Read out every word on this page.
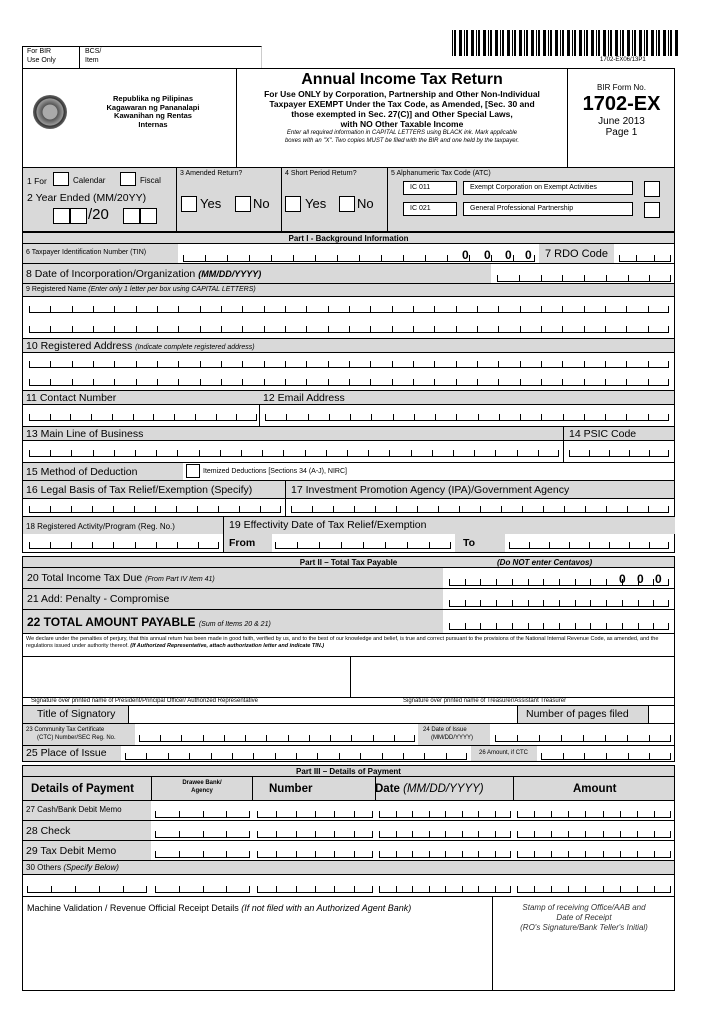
For BIR
Use Only
BCS/
Item	1702-EX06/13P1
Republika ng Pilipinas
Kagawaran ng Pananalapi
Kawanihan ng Rentas
Internas
Annual Income Tax Return
For Use ONLY by Corporation, Partnership and Other Non-Individual
Taxpayer EXEMPT Under the Tax Code, as Amended, [Sec. 30 and
those exempted in Sec. 27(C)] and Other Special Laws,
with NO Other Taxable Income
Enter all required information in CAPITAL LETTERS using BLACK ink. Mark applicable
boxes with an "X". Two copies MUST be filed with the BIR and one held by the taxpayer.
BIR Form No.
1702-EX
June 2013
Page 1
1 For	Calendar	Fiscal
2 Year Ended (MM/20YY)
/20
3 Amended Return?
Yes No
4 Short Period Return?
Yes No
5 Alphanumeric Tax Code (ATC)
IC 011	Exempt Corporation on Exempt Activities
IC 021	General Professional Partnership
Part I - Background Information
6 Taxpayer Identification Number (TIN)	0 0 0 0 7 RDO Code
8 Date of Incorporation/Organization (MM/DD/YYYY)
9 Registered Name (Enter only 1 letter per box using CAPITAL LETTERS)
10 Registered Address (Indicate complete registered address)
11 Contact Number	12 Email Address
13 Main Line of Business	14 PSIC Code
15 Method of Deduction	Itemized Deductions [Sections 34 (A-J), NIRC]
16 Legal Basis of Tax Relief/Exemption (Specify)	17 Investment Promotion Agency (IPA)/Government Agency
18 Registered Activity/Program (Reg. No.)	19 Effectivity Date of Tax Relief/Exemption
From	To
Part II – Total Tax Payable	(Do NOT enter Centavos)
20 Total Income Tax Due (From Part IV Item 41)	0 0 0
21 Add: Penalty - Compromise
22 TOTAL AMOUNT PAYABLE (Sum of Items 20 & 21)
We declare under the penalties of perjury, that this annual return has been made in good faith, verified by us, and to the best of our knowledge and belief, is true and correct pursuant to the provisions of the National Internal Revenue Code, as amended, and the regulations issued under authority thereof. (If Authorized Representative, attach authorization letter and indicate TIN.)
Signature over printed name of President/Principal Officer/ Authorized Representative	Signature over printed name of Treasurer/Assistant Treasurer
Title of Signatory	Number of pages filed
23 Community Tax Certificate
(CTC) Number/SEC Reg. No.
24 Date of Issue
(MM/DD/YYYY)
25 Place of Issue	26 Amount, if CTC
Part III – Details of Payment
Details of Payment	Drawee Bank/
Agency	Number	Date (MM/DD/YYYY)	Amount
27 Cash/Bank Debit Memo
28 Check
29 Tax Debit Memo
30 Others (Specify Below)
Machine Validation / Revenue Official Receipt Details (If not filed with an Authorized Agent Bank)	Stamp of receiving Office/AAB and
Date of Receipt
(RO's Signature/Bank Teller's Initial)
